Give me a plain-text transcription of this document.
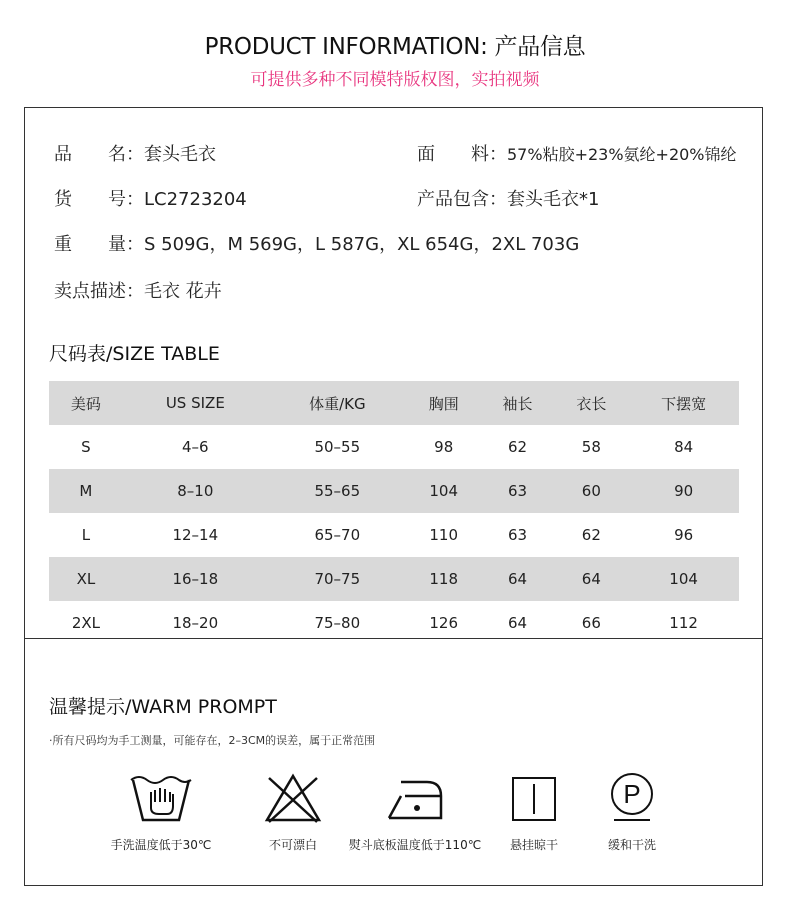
PRODUCT INFORMATION: 产品信息
可提供多种不同模特版权图，实拍视频
品　　名：套头毛衣	面　　料：57%粘胶+23%氨纶+20%锦纶
货　　号：LC2723204	产品包含：套头毛衣*1
重　　量：S 509G，M 569G，L 587G，XL 654G，2XL 703G
卖点描述：毛衣 花卉
尺码表/SIZE TABLE
美码	US SIZE	体重/KG	胸围	袖长	衣长	下摆宽
S	4–6	50–55	98	62	58	84
M	8–10	55–65	104	63	60	90
L	12–14	65–70	110	63	62	96
XL	16–18	70–75	118	64	64	104
2XL	18–20	75–80	126	64	66	112
温馨提示/WARM PROMPT
·所有尺码均为手工测量，可能存在，2–3CM的误差，属于正常范围
手洗温度低于30℃	不可漂白	熨斗底板温度低于110℃	悬挂晾干
P
缓和干洗
